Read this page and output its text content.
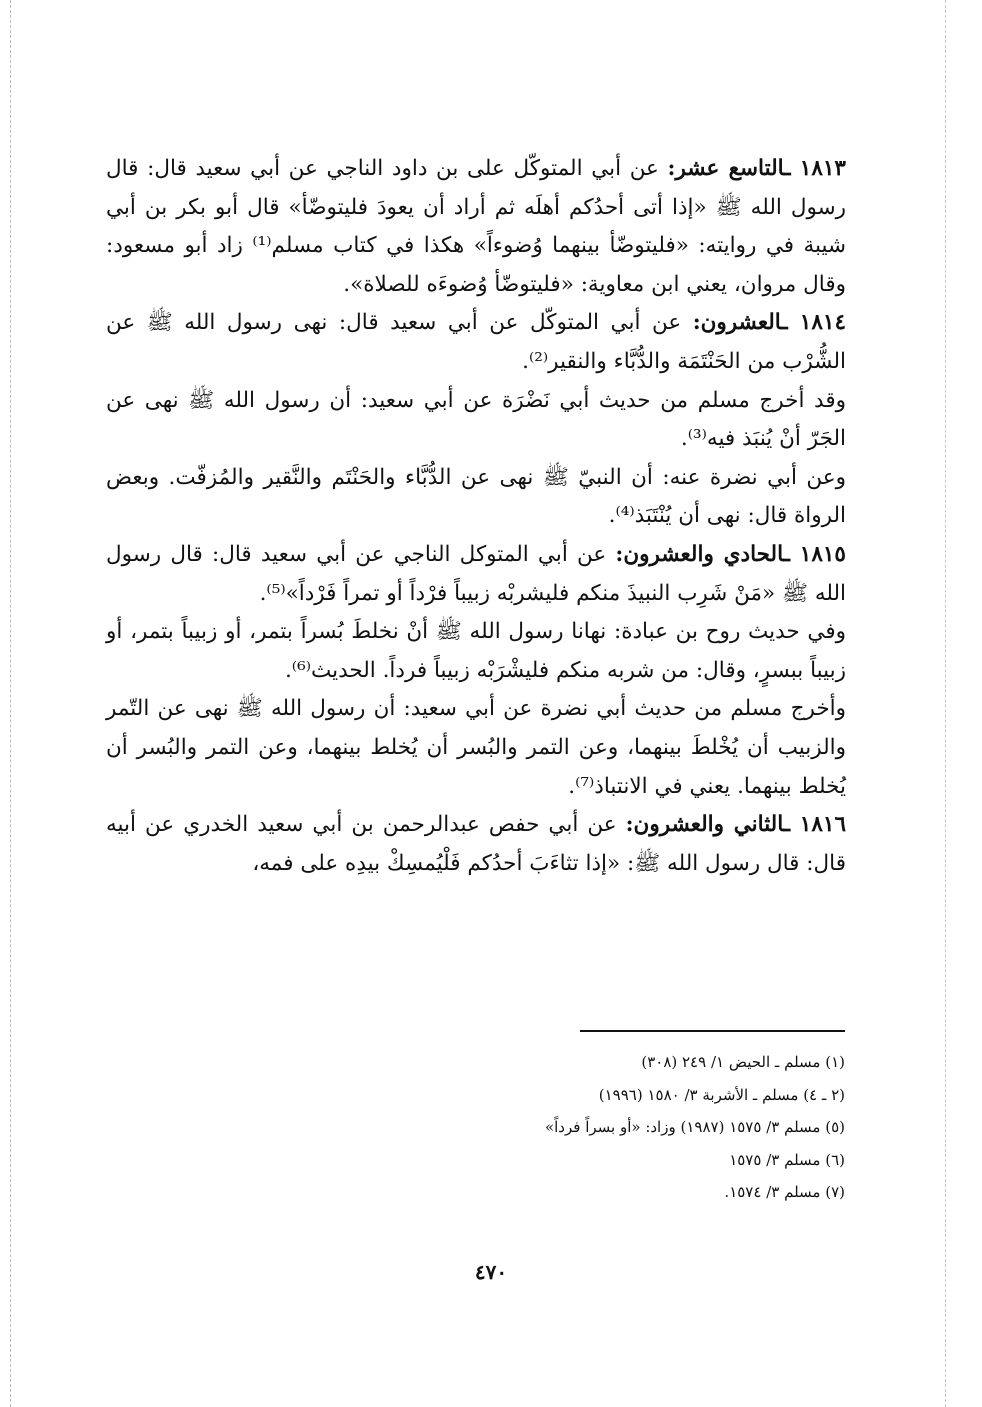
١٨١٣ ـالتاسع عشر: عن أبي المتوكّل على بن داود الناجي عن أبي سعيد قال: قال رسول الله ﷺ «إذا أتى أحدُكم أهلَه ثم أراد أن يعودَ فليتوضّأ» قال أبو بكر بن أبي شيبة في روايته: «فليتوضّأ بينهما وُضوءاً» هكذا في كتاب مسلم⁽¹⁾ زاد أبو مسعود: وقال مروان، يعني ابن معاوية: «فليتوضّأ وُضوءَه للصلاة».

١٨١٤ ـالعشرون: عن أبي المتوكّل عن أبي سعيد قال: نهى رسول الله ﷺ عن الشُّرْب من الحَنْتَمَة والدُّبَّاء والنقير⁽²⁾.

وقد أخرج مسلم من حديث أبي نَضْرَة عن أبي سعيد: أن رسول الله ﷺ نهى عن الجَرّ أنْ يُنبَذ فيه⁽³⁾.

وعن أبي نضرة عنه: أن النبيّ ﷺ نهى عن الدُّبَّاء والحَنْتَم والنَّقير والمُزفّت. وبعض الرواة قال: نهى أن يُنْتَبَذ⁽⁴⁾.

١٨١٥ ـالحادي والعشرون: عن أبي المتوكل الناجي عن أبي سعيد قال: قال رسول الله ﷺ «مَنْ شَرِب النبيذَ منكم فليشربْه زبيباً فرْداً أو تمراً فَرْداً»⁽⁵⁾.

وفي حديث روح بن عبادة: نهانا رسول الله ﷺ أنْ نخلطَ بُسراً بتمر، أو زبيباً بتمر، أو زبيباً ببسرٍ، وقال: من شربه منكم فليشْرَبْه زبيباً فرداً. الحديث⁽⁶⁾.

وأخرج مسلم من حديث أبي نضرة عن أبي سعيد: أن رسول الله ﷺ نهى عن التّمر والزبيب أن يُخْلطَ بينهما، وعن التمر والبُسر أن يُخلط بينهما، وعن التمر والبُسر أن يُخلط بينهما. يعني في الانتباذ⁽⁷⁾.

١٨١٦ ـالثاني والعشرون: عن أبي حفص عبدالرحمن بن أبي سعيد الخدري عن أبيه قال: قال رسول الله ﷺ: «إذا تثاءَبَ أحدُكم فَلْيُمسِكْ بيدِه على فمه،

(١) مسلم ـ الحيض ١/ ٢٤٩ (٣٠٨)

(٢ ـ ٤) مسلم ـ الأشربة ٣/ ١٥٨٠ (١٩٩٦)

(٥) مسلم ٣/ ١٥٧٥ (١٩٨٧) وزاد: «أو بسراً فرداً»

(٦) مسلم ٣/ ١٥٧٥

(٧) مسلم ٣/ ١٥٧٤.

٤٧٠
